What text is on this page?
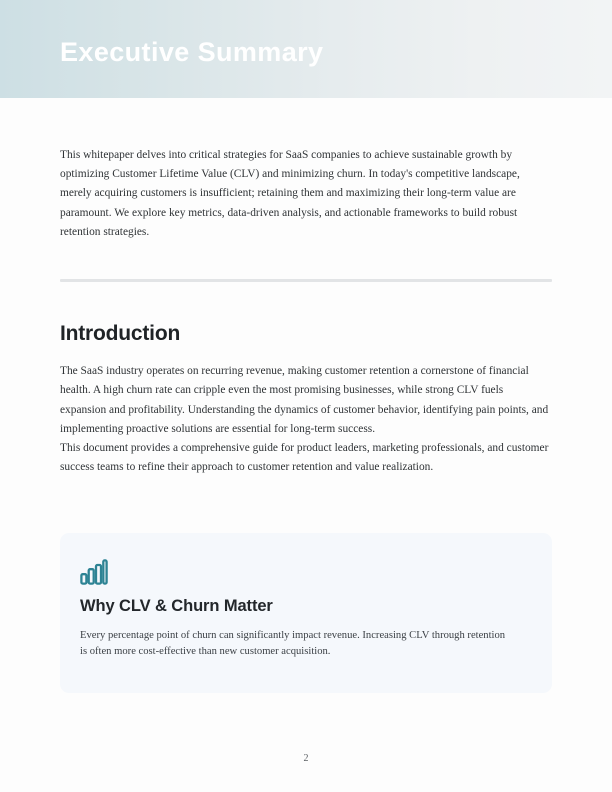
Executive Summary

This whitepaper delves into critical strategies for SaaS companies to achieve sustainable growth by optimizing Customer Lifetime Value (CLV) and minimizing churn. In today's competitive landscape, merely acquiring customers is insufficient; retaining them and maximizing their long-term value are paramount. We explore key metrics, data-driven analysis, and actionable frameworks to build robust retention strategies.

Introduction

The SaaS industry operates on recurring revenue, making customer retention a cornerstone of financial health. A high churn rate can cripple even the most promising businesses, while strong CLV fuels expansion and profitability. Understanding the dynamics of customer behavior, identifying pain points, and implementing proactive solutions are essential for long-term success.

This document provides a comprehensive guide for product leaders, marketing professionals, and customer success teams to refine their approach to customer retention and value realization.

Why CLV & Churn Matter

Every percentage point of churn can significantly impact revenue. Increasing CLV through retention is often more cost-effective than new customer acquisition.

2
